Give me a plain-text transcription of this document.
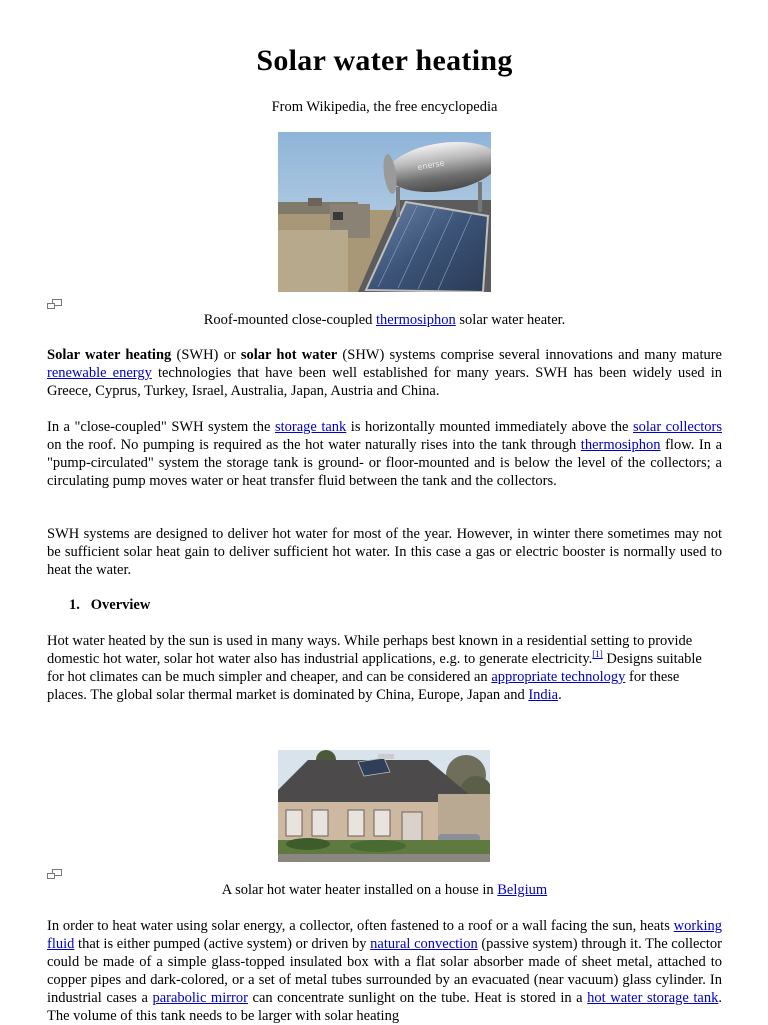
Solar water heating
From Wikipedia, the free encyclopedia
enerse
Roof-mounted close-coupled thermosiphon solar water heater.

Solar water heating (SWH) or solar hot water (SHW) systems comprise several innovations and many mature renewable energy technologies that have been well established for many years. SWH has been widely used in Greece, Cyprus, Turkey, Israel, Australia, Japan, Austria and China.

In a "close-coupled" SWH system the storage tank is horizontally mounted immediately above the solar collectors on the roof. No pumping is required as the hot water naturally rises into the tank through thermosiphon flow. In a "pump-circulated" system the storage tank is ground- or floor-mounted and is below the level of the collectors; a circulating pump moves water or heat transfer fluid between the tank and the collectors.

SWH systems are designed to deliver hot water for most of the year. However, in winter there sometimes may not be sufficient solar heat gain to deliver sufficient hot water. In this case a gas or electric booster is normally used to heat the water.

1. Overview

Hot water heated by the sun is used in many ways. While perhaps best known in a residential setting to provide domestic hot water, solar hot water also has industrial applications, e.g. to generate electricity.[1] Designs suitable for hot climates can be much simpler and cheaper, and can be considered an appropriate technology for these places. The global solar thermal market is dominated by China, Europe, Japan and India.

A solar hot water heater installed on a house in Belgium

In order to heat water using solar energy, a collector, often fastened to a roof or a wall facing the sun, heats working fluid that is either pumped (active system) or driven by natural convection (passive system) through it. The collector could be made of a simple glass-topped insulated box with a flat solar absorber made of sheet metal, attached to copper pipes and dark-colored, or a set of metal tubes surrounded by an evacuated (near vacuum) glass cylinder. In industrial cases a parabolic mirror can concentrate sunlight on the tube. Heat is stored in a hot water storage tank. The volume of this tank needs to be larger with solar heating
